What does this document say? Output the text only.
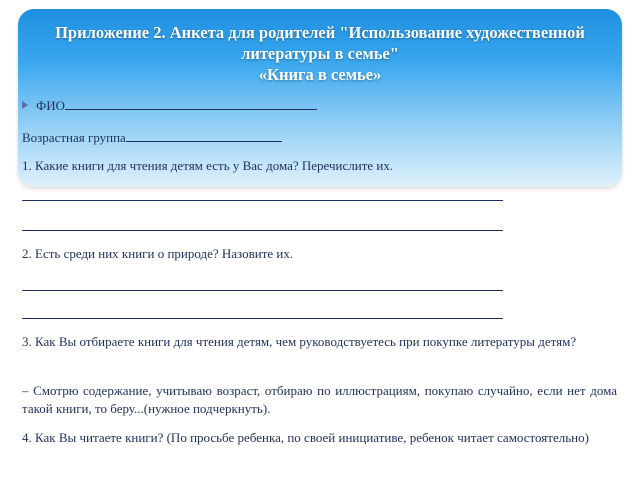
Приложение 2. Анкета для родителей "Использование художественной
литературы в семье"
«Книга в семье»
ФИО
Возрастная группа
1. Какие книги для чтения детям есть у Вас дома? Перечислите их.
2. Есть среди них книги о природе? Назовите их.
3. Как Вы отбираете книги для чтения детям, чем руководствуетесь при покупке литературы детям?
– Смотрю содержание, учитываю возраст, отбираю по иллюстрациям, покупаю случайно, если нет дома такой книги, то беру...(нужное подчеркнуть).
4. Как Вы читаете книги? (По просьбе ребенка, по своей инициативе, ребенок читает самостоятельно)
